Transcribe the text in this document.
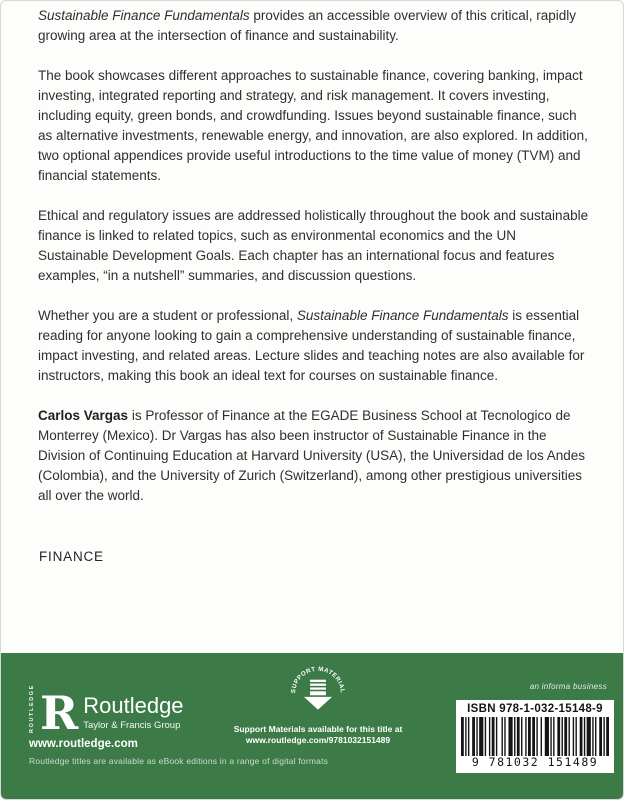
Sustainable Finance Fundamentals provides an accessible overview of this critical, rapidly growing area at the intersection of finance and sustainability.

The book showcases different approaches to sustainable finance, covering banking, impact investing, integrated reporting and strategy, and risk management. It covers investing, including equity, green bonds, and crowdfunding. Issues beyond sustainable finance, such as alternative investments, renewable energy, and innovation, are also explored. In addition, two optional appendices provide useful introductions to the time value of money (TVM) and financial statements.

Ethical and regulatory issues are addressed holistically throughout the book and sustainable finance is linked to related topics, such as environmental economics and the UN Sustainable Development Goals. Each chapter has an international focus and features examples, “in a nutshell” summaries, and discussion questions.

Whether you are a student or professional, Sustainable Finance Fundamentals is essential reading for anyone looking to gain a comprehensive understanding of sustainable finance, impact investing, and related areas. Lecture slides and teaching notes are also available for instructors, making this book an ideal text for courses on sustainable finance.

Carlos Vargas is Professor of Finance at the EGADE Business School at Tecnologico de Monterrey (Mexico). Dr Vargas has also been instructor of Sustainable Finance in the Division of Continuing Education at Harvard University (USA), the Universidad de los Andes (Colombia), and the University of Zurich (Switzerland), among other prestigious universities all over the world.

FINANCE
ROUTLEDGE R Routledge
Taylor & Francis Group
www.routledge.com
Routledge titles are available as eBook editions in a range of digital formats
SUPPORT MATERIAL
Support Materials available for this title at
www.routledge.com/9781032151489
an informa business
ISBN 978-1-032-15148-9
9 781032 151489
